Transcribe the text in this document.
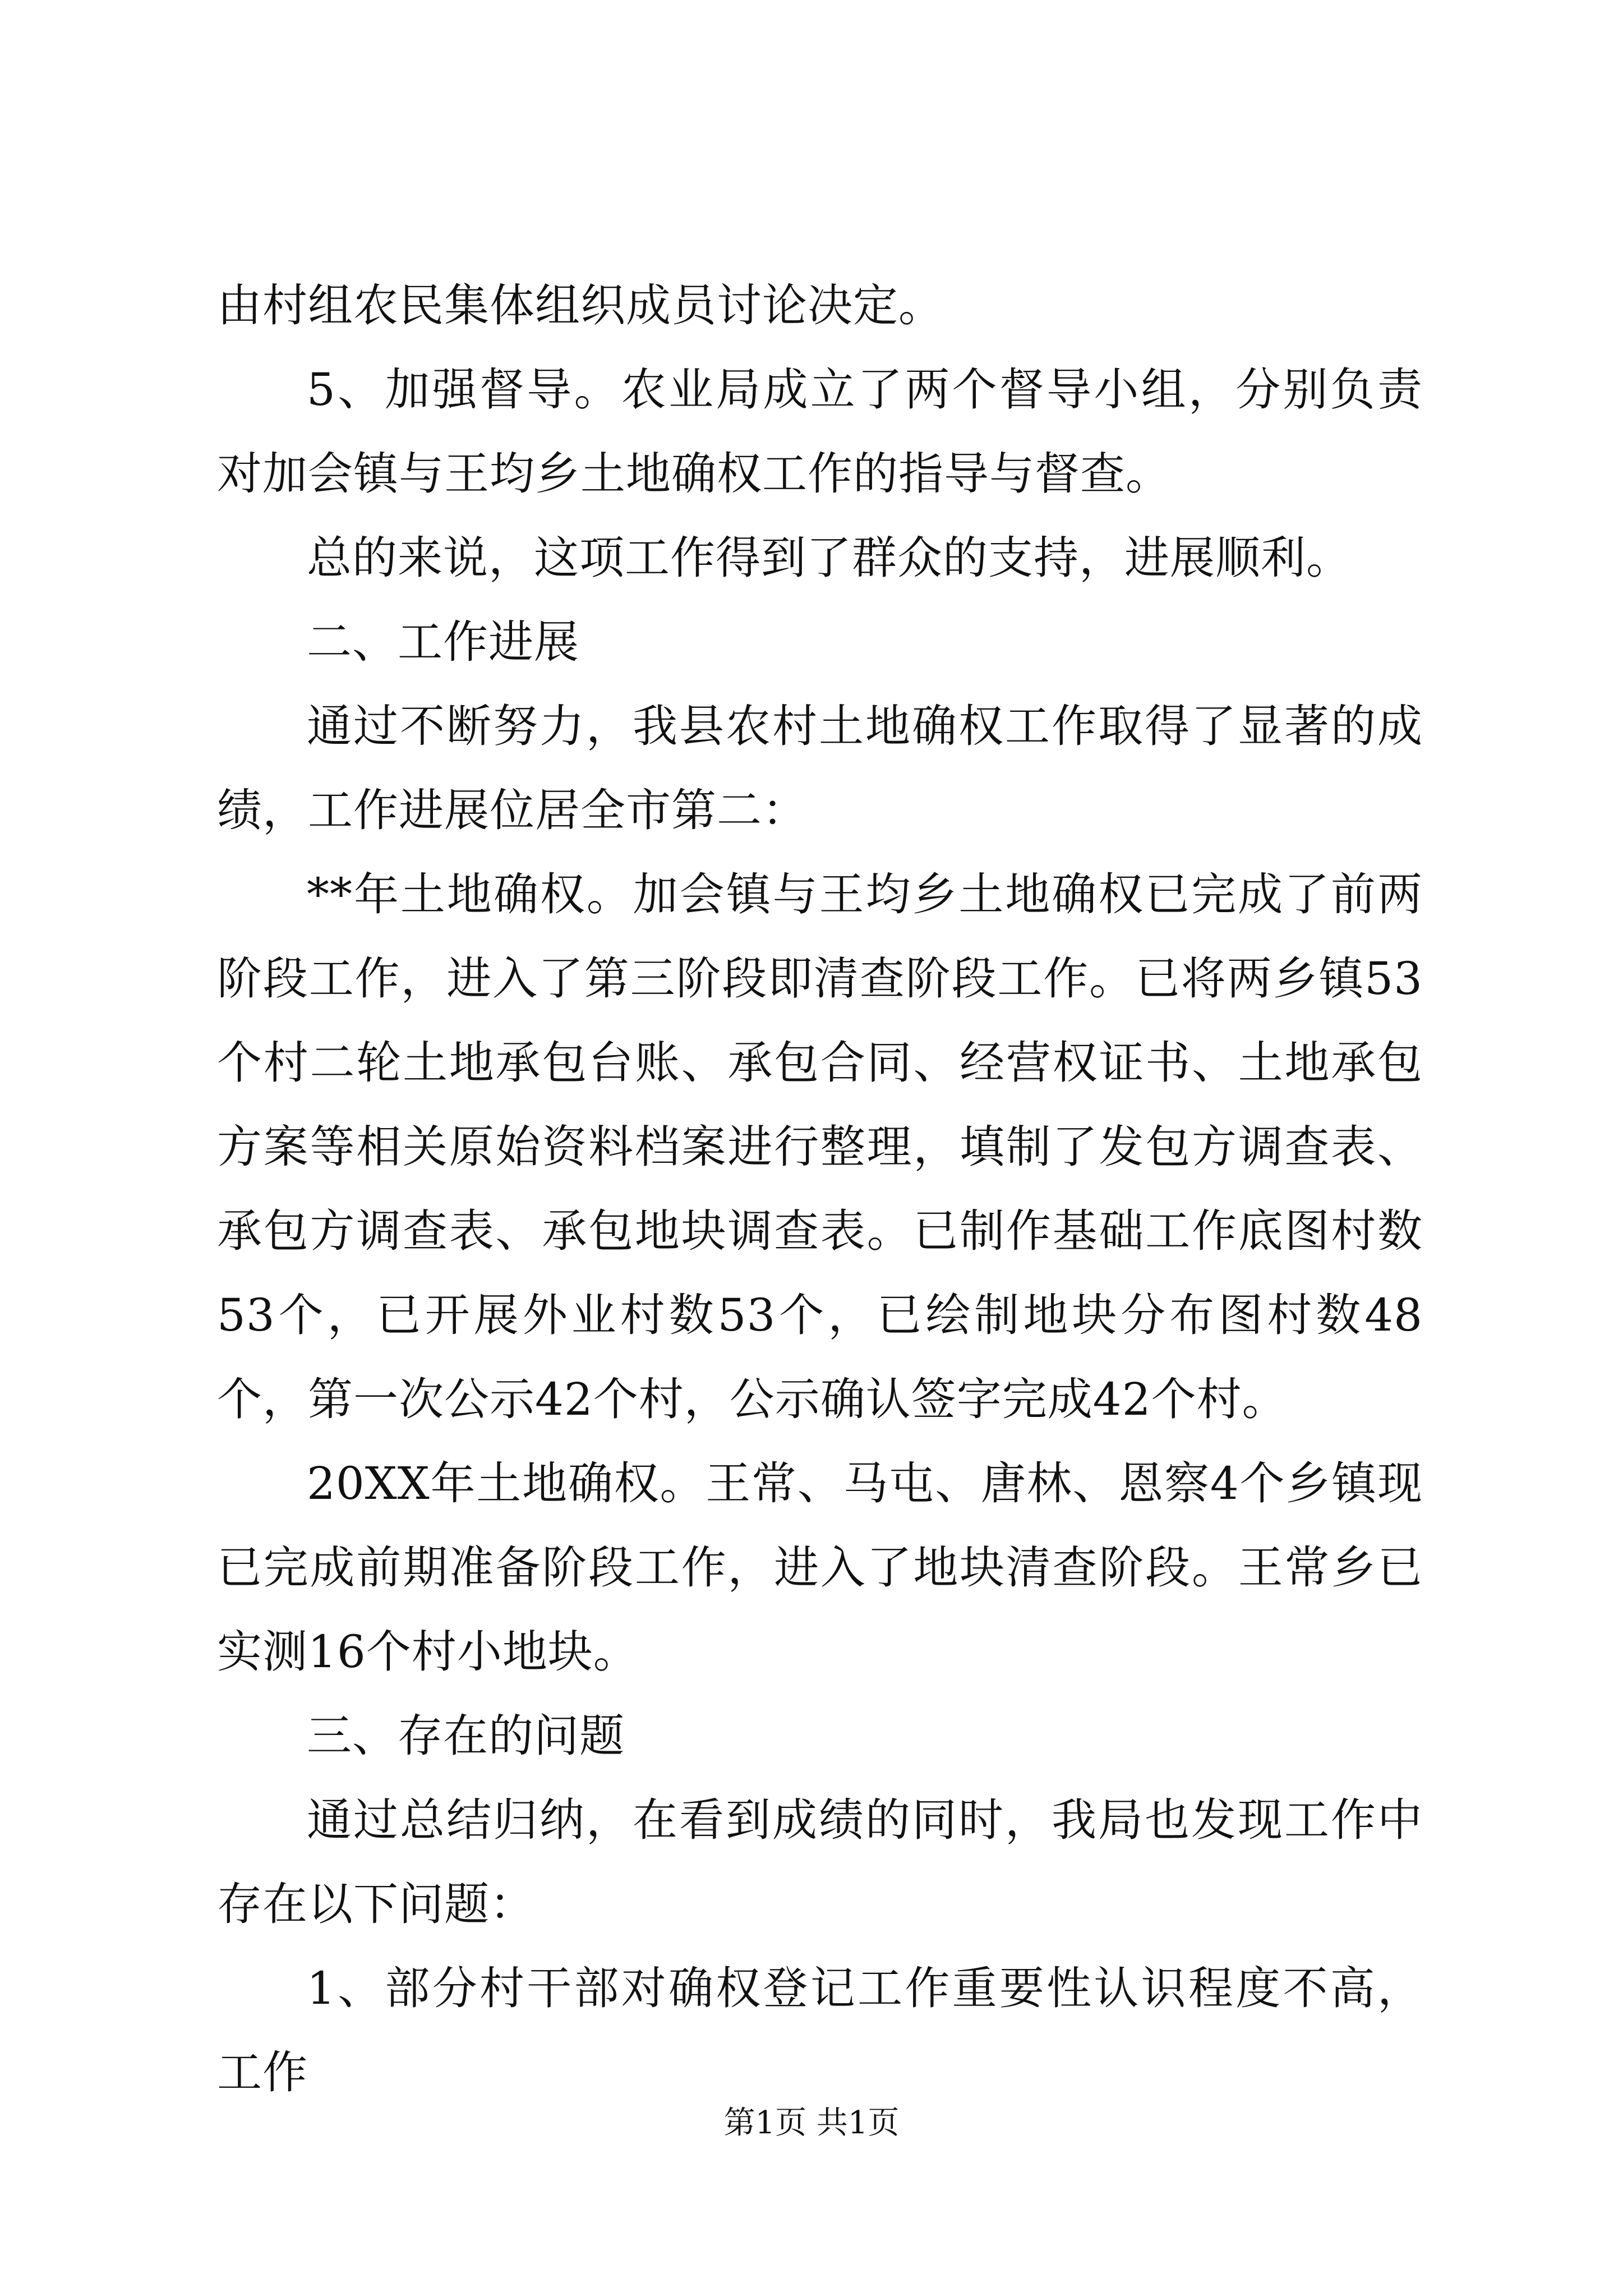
由村组农民集体组织成员讨论决定。

5、加强督导。农业局成立了两个督导小组，分别负责对加会镇与王均乡土地确权工作的指导与督查。

总的来说，这项工作得到了群众的支持，进展顺利。

二、工作进展

通过不断努力，我县农村土地确权工作取得了显著的成绩，工作进展位居全市第二：

**年土地确权。加会镇与王均乡土地确权已完成了前两阶段工作，进入了第三阶段即清查阶段工作。已将两乡镇53个村二轮土地承包台账、承包合同、经营权证书、土地承包方案等相关原始资料档案进行整理，填制了发包方调查表、承包方调查表、承包地块调查表。已制作基础工作底图村数53个，已开展外业村数53个，已绘制地块分布图村数48个，第一次公示42个村，公示确认签字完成42个村。

20XX年土地确权。王常、马屯、唐林、恩察4个乡镇现已完成前期准备阶段工作，进入了地块清查阶段。王常乡已实测16个村小地块。

三、存在的问题

通过总结归纳，在看到成绩的同时，我局也发现工作中存在以下问题：

1、部分村干部对确权登记工作重要性认识程度不高，工作

第1页 共1页
